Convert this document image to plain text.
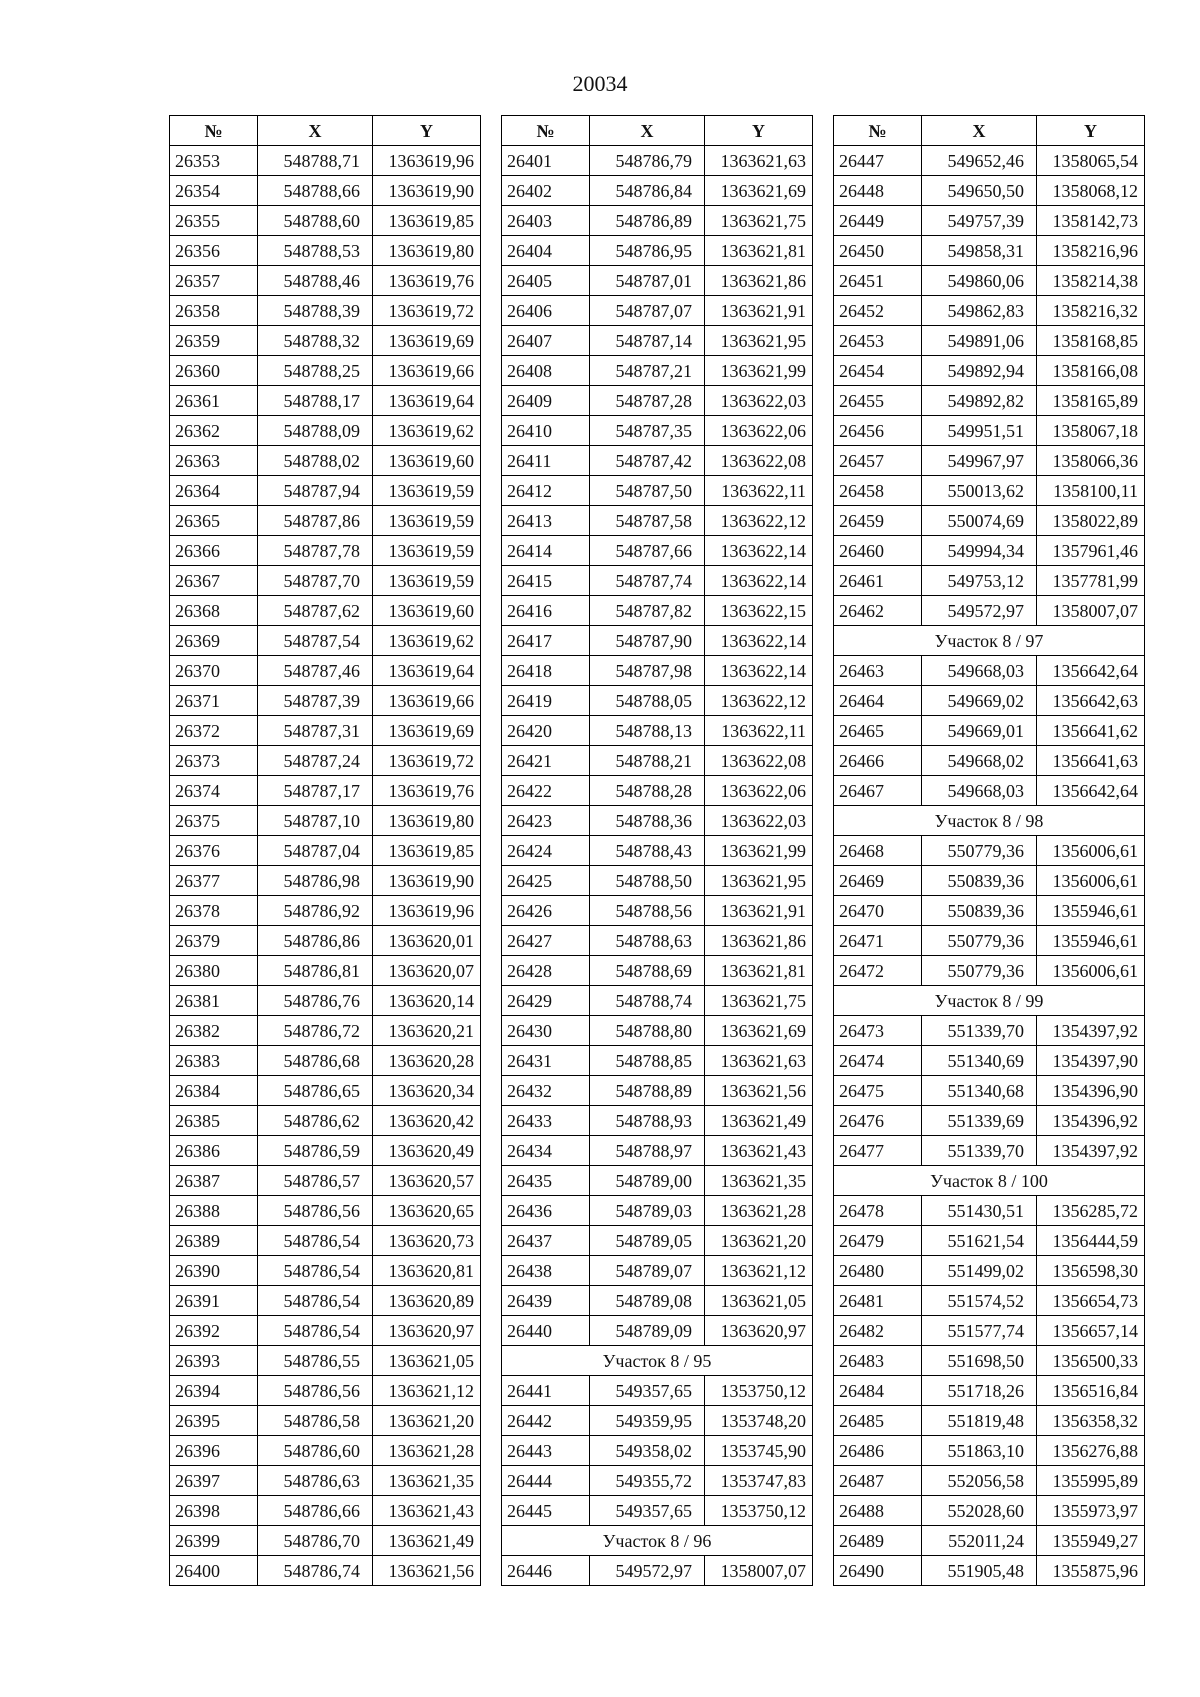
20034
№	X	Y
26353	548788,71	1363619,96
26354	548788,66	1363619,90
26355	548788,60	1363619,85
26356	548788,53	1363619,80
26357	548788,46	1363619,76
26358	548788,39	1363619,72
26359	548788,32	1363619,69
26360	548788,25	1363619,66
26361	548788,17	1363619,64
26362	548788,09	1363619,62
26363	548788,02	1363619,60
26364	548787,94	1363619,59
26365	548787,86	1363619,59
26366	548787,78	1363619,59
26367	548787,70	1363619,59
26368	548787,62	1363619,60
26369	548787,54	1363619,62
26370	548787,46	1363619,64
26371	548787,39	1363619,66
26372	548787,31	1363619,69
26373	548787,24	1363619,72
26374	548787,17	1363619,76
26375	548787,10	1363619,80
26376	548787,04	1363619,85
26377	548786,98	1363619,90
26378	548786,92	1363619,96
26379	548786,86	1363620,01
26380	548786,81	1363620,07
26381	548786,76	1363620,14
26382	548786,72	1363620,21
26383	548786,68	1363620,28
26384	548786,65	1363620,34
26385	548786,62	1363620,42
26386	548786,59	1363620,49
26387	548786,57	1363620,57
26388	548786,56	1363620,65
26389	548786,54	1363620,73
26390	548786,54	1363620,81
26391	548786,54	1363620,89
26392	548786,54	1363620,97
26393	548786,55	1363621,05
26394	548786,56	1363621,12
26395	548786,58	1363621,20
26396	548786,60	1363621,28
26397	548786,63	1363621,35
26398	548786,66	1363621,43
26399	548786,70	1363621,49
26400	548786,74	1363621,56
№	X	Y
26401	548786,79	1363621,63
26402	548786,84	1363621,69
26403	548786,89	1363621,75
26404	548786,95	1363621,81
26405	548787,01	1363621,86
26406	548787,07	1363621,91
26407	548787,14	1363621,95
26408	548787,21	1363621,99
26409	548787,28	1363622,03
26410	548787,35	1363622,06
26411	548787,42	1363622,08
26412	548787,50	1363622,11
26413	548787,58	1363622,12
26414	548787,66	1363622,14
26415	548787,74	1363622,14
26416	548787,82	1363622,15
26417	548787,90	1363622,14
26418	548787,98	1363622,14
26419	548788,05	1363622,12
26420	548788,13	1363622,11
26421	548788,21	1363622,08
26422	548788,28	1363622,06
26423	548788,36	1363622,03
26424	548788,43	1363621,99
26425	548788,50	1363621,95
26426	548788,56	1363621,91
26427	548788,63	1363621,86
26428	548788,69	1363621,81
26429	548788,74	1363621,75
26430	548788,80	1363621,69
26431	548788,85	1363621,63
26432	548788,89	1363621,56
26433	548788,93	1363621,49
26434	548788,97	1363621,43
26435	548789,00	1363621,35
26436	548789,03	1363621,28
26437	548789,05	1363621,20
26438	548789,07	1363621,12
26439	548789,08	1363621,05
26440	548789,09	1363620,97
Участок 8 / 95		
26441	549357,65	1353750,12
26442	549359,95	1353748,20
26443	549358,02	1353745,90
26444	549355,72	1353747,83
26445	549357,65	1353750,12
Участок 8 / 96		
26446	549572,97	1358007,07
№	X	Y
26447	549652,46	1358065,54
26448	549650,50	1358068,12
26449	549757,39	1358142,73
26450	549858,31	1358216,96
26451	549860,06	1358214,38
26452	549862,83	1358216,32
26453	549891,06	1358168,85
26454	549892,94	1358166,08
26455	549892,82	1358165,89
26456	549951,51	1358067,18
26457	549967,97	1358066,36
26458	550013,62	1358100,11
26459	550074,69	1358022,89
26460	549994,34	1357961,46
26461	549753,12	1357781,99
26462	549572,97	1358007,07
Участок 8 / 97		
26463	549668,03	1356642,64
26464	549669,02	1356642,63
26465	549669,01	1356641,62
26466	549668,02	1356641,63
26467	549668,03	1356642,64
Участок 8 / 98		
26468	550779,36	1356006,61
26469	550839,36	1356006,61
26470	550839,36	1355946,61
26471	550779,36	1355946,61
26472	550779,36	1356006,61
Участок 8 / 99		
26473	551339,70	1354397,92
26474	551340,69	1354397,90
26475	551340,68	1354396,90
26476	551339,69	1354396,92
26477	551339,70	1354397,92
Участок 8 / 100		
26478	551430,51	1356285,72
26479	551621,54	1356444,59
26480	551499,02	1356598,30
26481	551574,52	1356654,73
26482	551577,74	1356657,14
26483	551698,50	1356500,33
26484	551718,26	1356516,84
26485	551819,48	1356358,32
26486	551863,10	1356276,88
26487	552056,58	1355995,89
26488	552028,60	1355973,97
26489	552011,24	1355949,27
26490	551905,48	1355875,96
